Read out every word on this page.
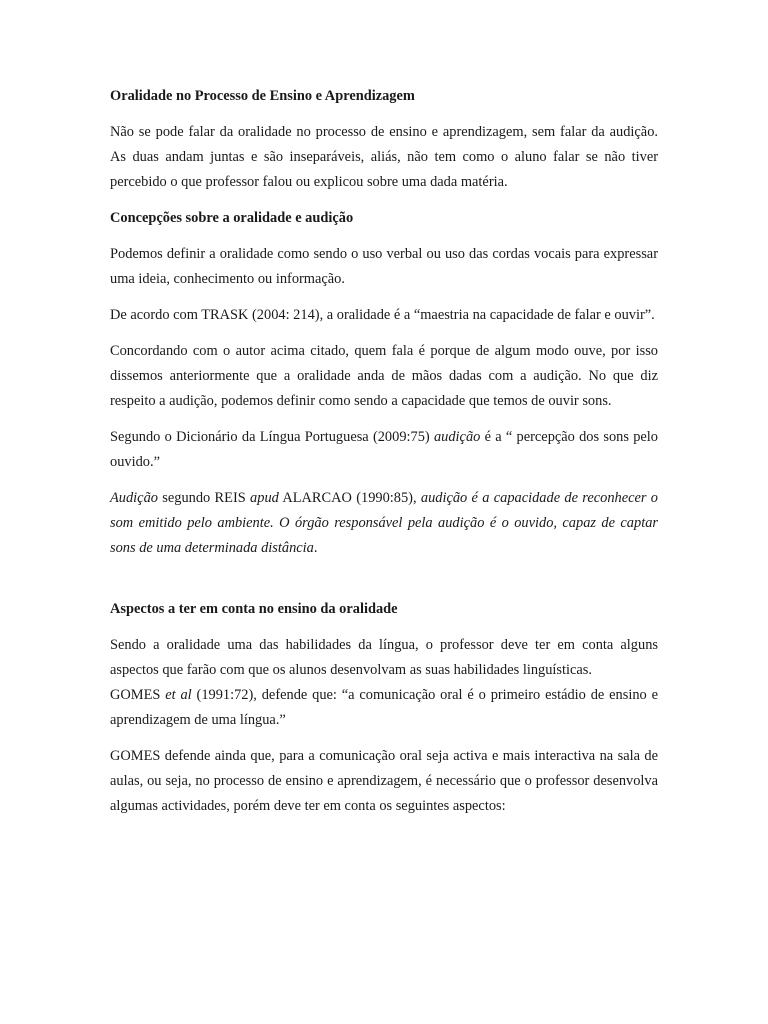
Oralidade no Processo de Ensino e Aprendizagem

Não se pode falar da oralidade no processo de ensino e aprendizagem, sem falar da audição. As duas andam juntas e são inseparáveis, aliás, não tem como o aluno falar se não tiver percebido o que professor falou ou explicou sobre uma dada matéria.

Concepções sobre a oralidade e audição

Podemos definir a oralidade como sendo o uso verbal ou uso das cordas vocais para expressar uma ideia, conhecimento ou informação.

De acordo com TRASK (2004: 214), a oralidade é a “maestria na capacidade de falar e ouvir”.

Concordando com o autor acima citado, quem fala é porque de algum modo ouve, por isso dissemos anteriormente que a oralidade anda de mãos dadas com a audição. No que diz respeito a audição, podemos definir como sendo a capacidade que temos de ouvir sons.

Segundo o Dicionário da Língua Portuguesa (2009:75) audição é a “ percepção dos sons pelo ouvido.”

Audição segundo REIS apud ALARCAO (1990:85), audição é a capacidade de reconhecer o som emitido pelo ambiente. O órgão responsável pela audição é o ouvido, capaz de captar sons de uma determinada distância.

Aspectos a ter em conta no ensino da oralidade

Sendo a oralidade uma das habilidades da língua, o professor deve ter em conta alguns aspectos que farão com que os alunos desenvolvam as suas habilidades linguísticas.

GOMES et al (1991:72), defende que: “a comunicação oral é o primeiro estádio de ensino e aprendizagem de uma língua.”

GOMES defende ainda que, para a comunicação oral seja activa e mais interactiva na sala de aulas, ou seja, no processo de ensino e aprendizagem, é necessário que o professor desenvolva algumas actividades, porém deve ter em conta os seguintes aspectos:
